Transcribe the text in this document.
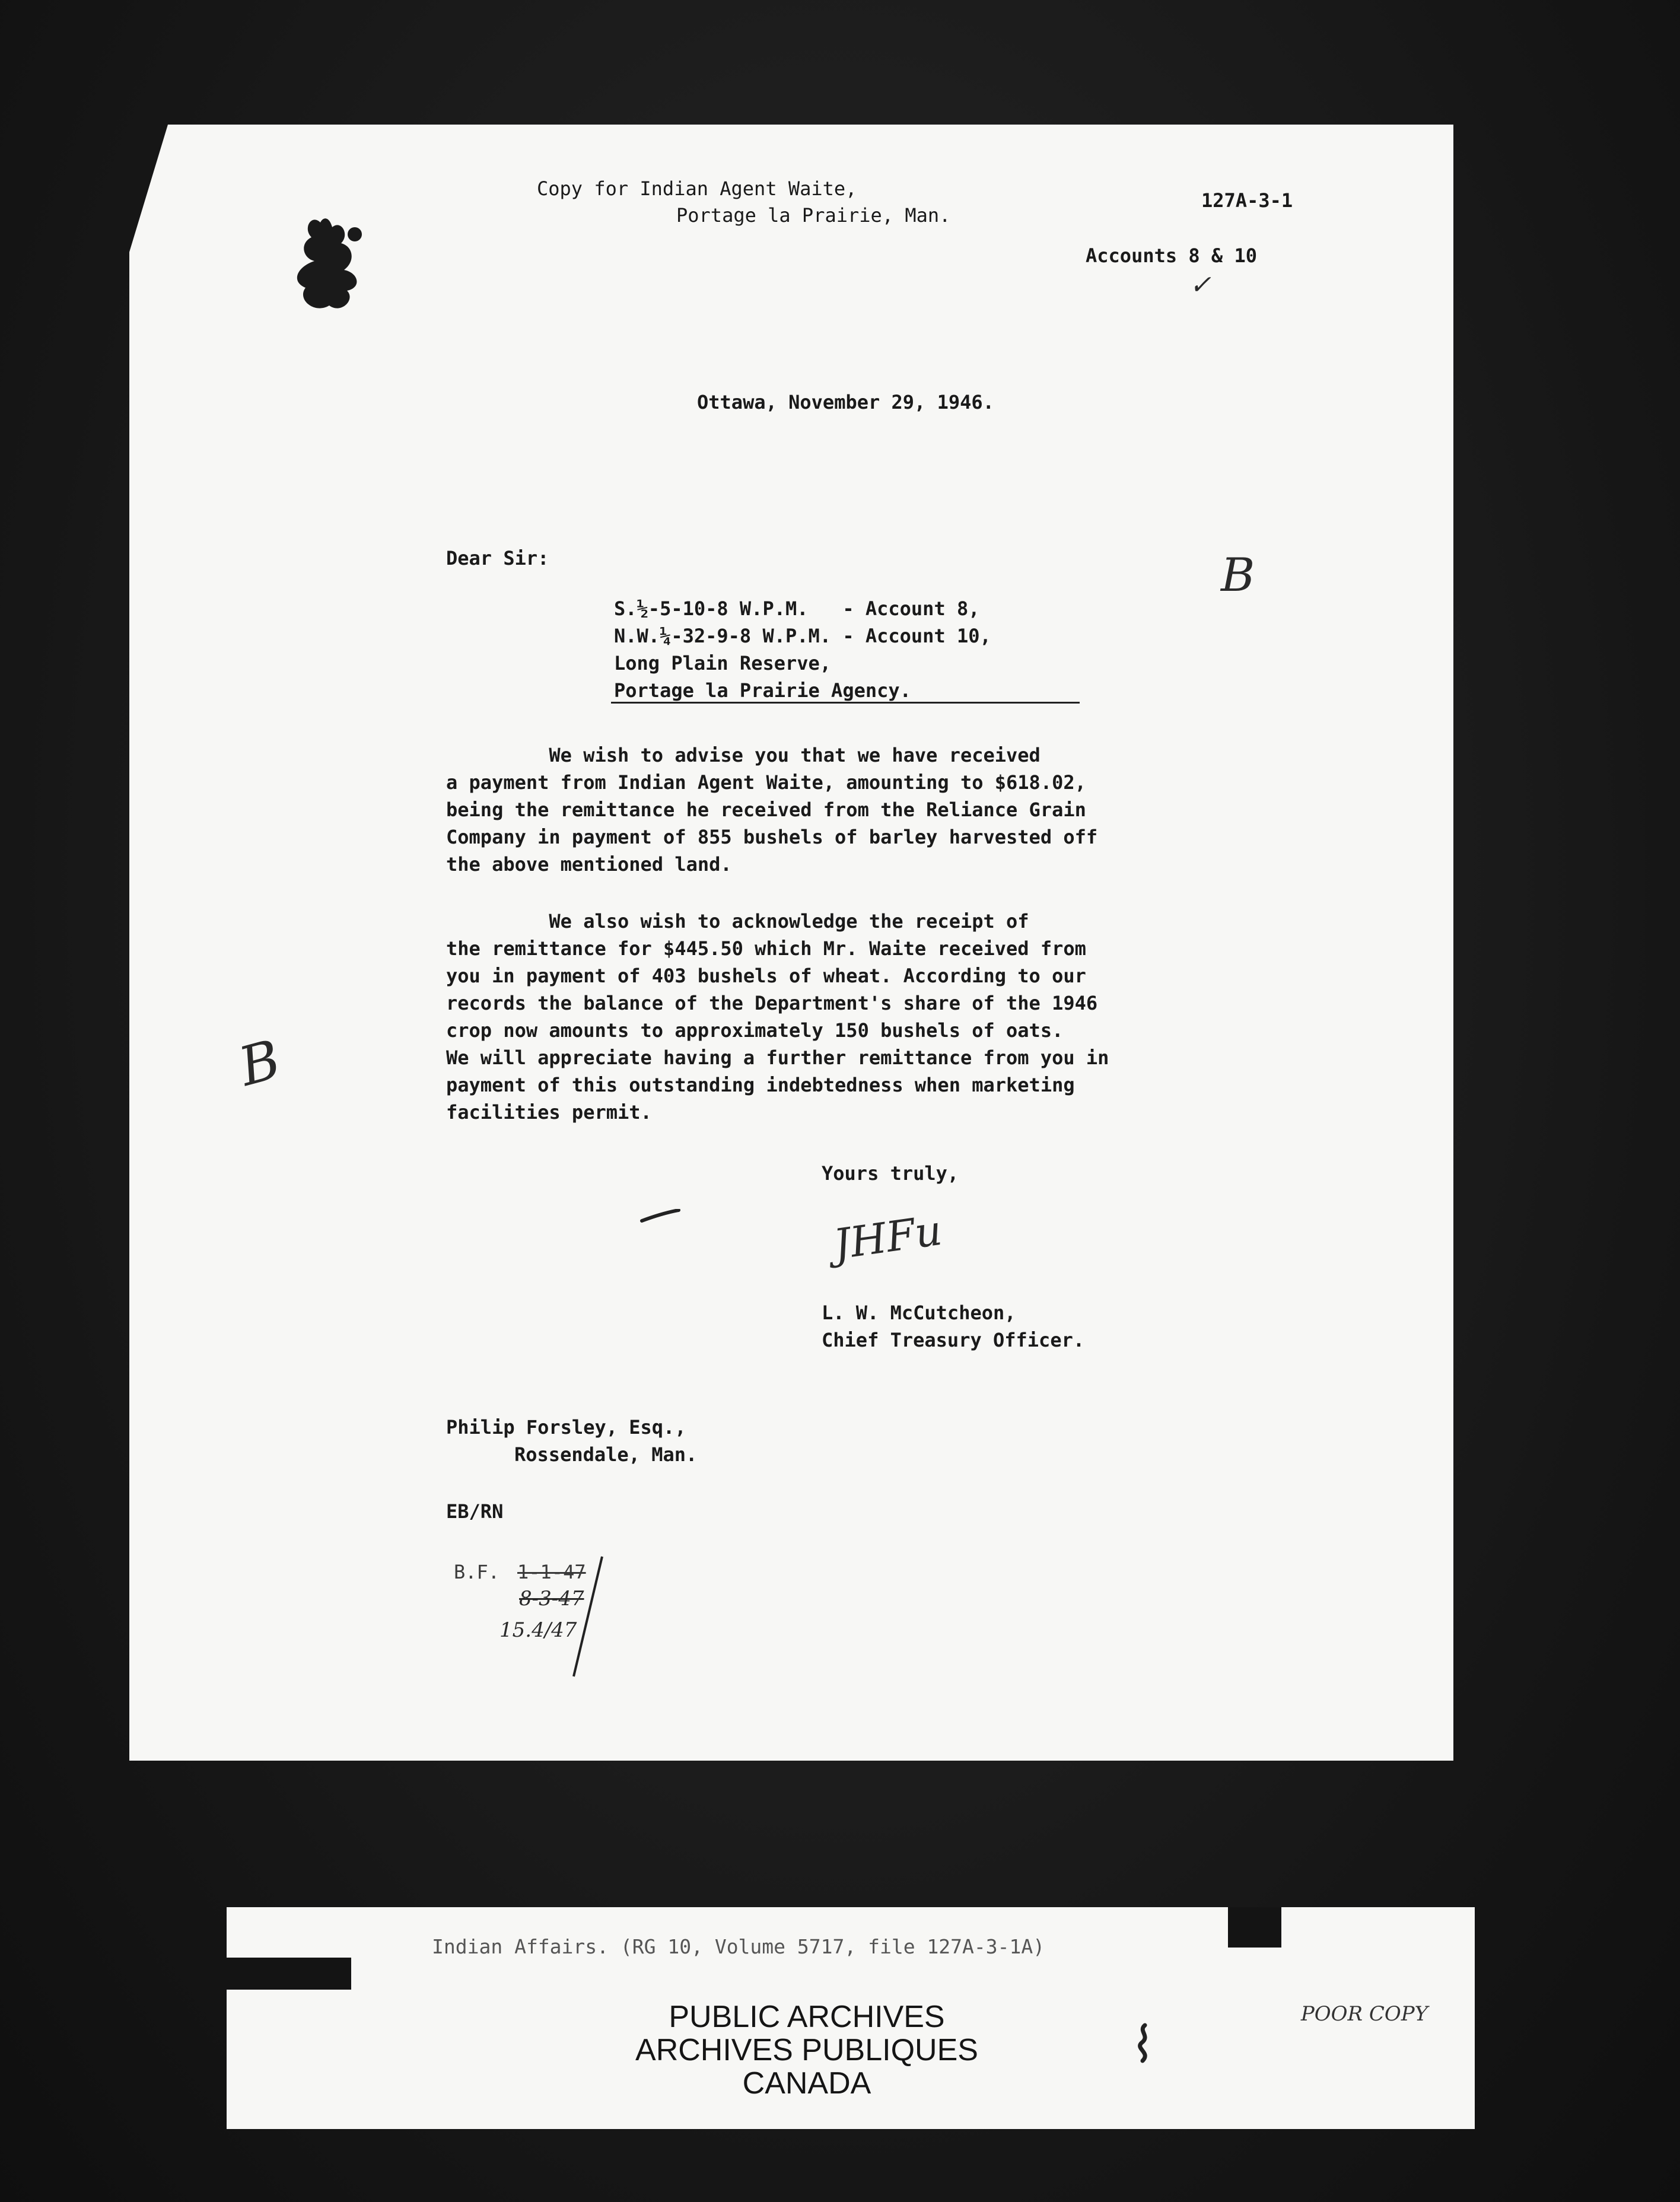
Copy for Indian Agent Waite,
Portage la Prairie, Man.
127A-3-1
Accounts 8 & 10
✓
Ottawa, November 29, 1946.
Dear Sir:	B
S.½-5-10-8 W.P.M.   - Account 8,
N.W.¼-32-9-8 W.P.M. - Account 10,
Long Plain Reserve,
Portage la Prairie Agency.
We wish to advise you that we have received
a payment from Indian Agent Waite, amounting to $618.02,
being the remittance he received from the Reliance Grain
Company in payment of 855 bushels of barley harvested off
the above mentioned land.
We also wish to acknowledge the receipt of
the remittance for $445.50 which Mr. Waite received from
you in payment of 403 bushels of wheat. According to our
records the balance of the Department's share of the 1946
crop now amounts to approximately 150 bushels of oats.
We will appreciate having a further remittance from you in
payment of this outstanding indebtedness when marketing
facilities permit.
B
Yours truly,
JHFu
L. W. McCutcheon,
Chief Treasury Officer.
Philip Forsley, Esq.,
Rossendale, Man.
EB/RN
B.F. 1-1-47
8-3-47
15.4/47
Indian Affairs. (RG 10, Volume 5717, file 127A-3-1A)
PUBLIC ARCHIVES
ARCHIVES PUBLIQUES
CANADA
POOR COPY
